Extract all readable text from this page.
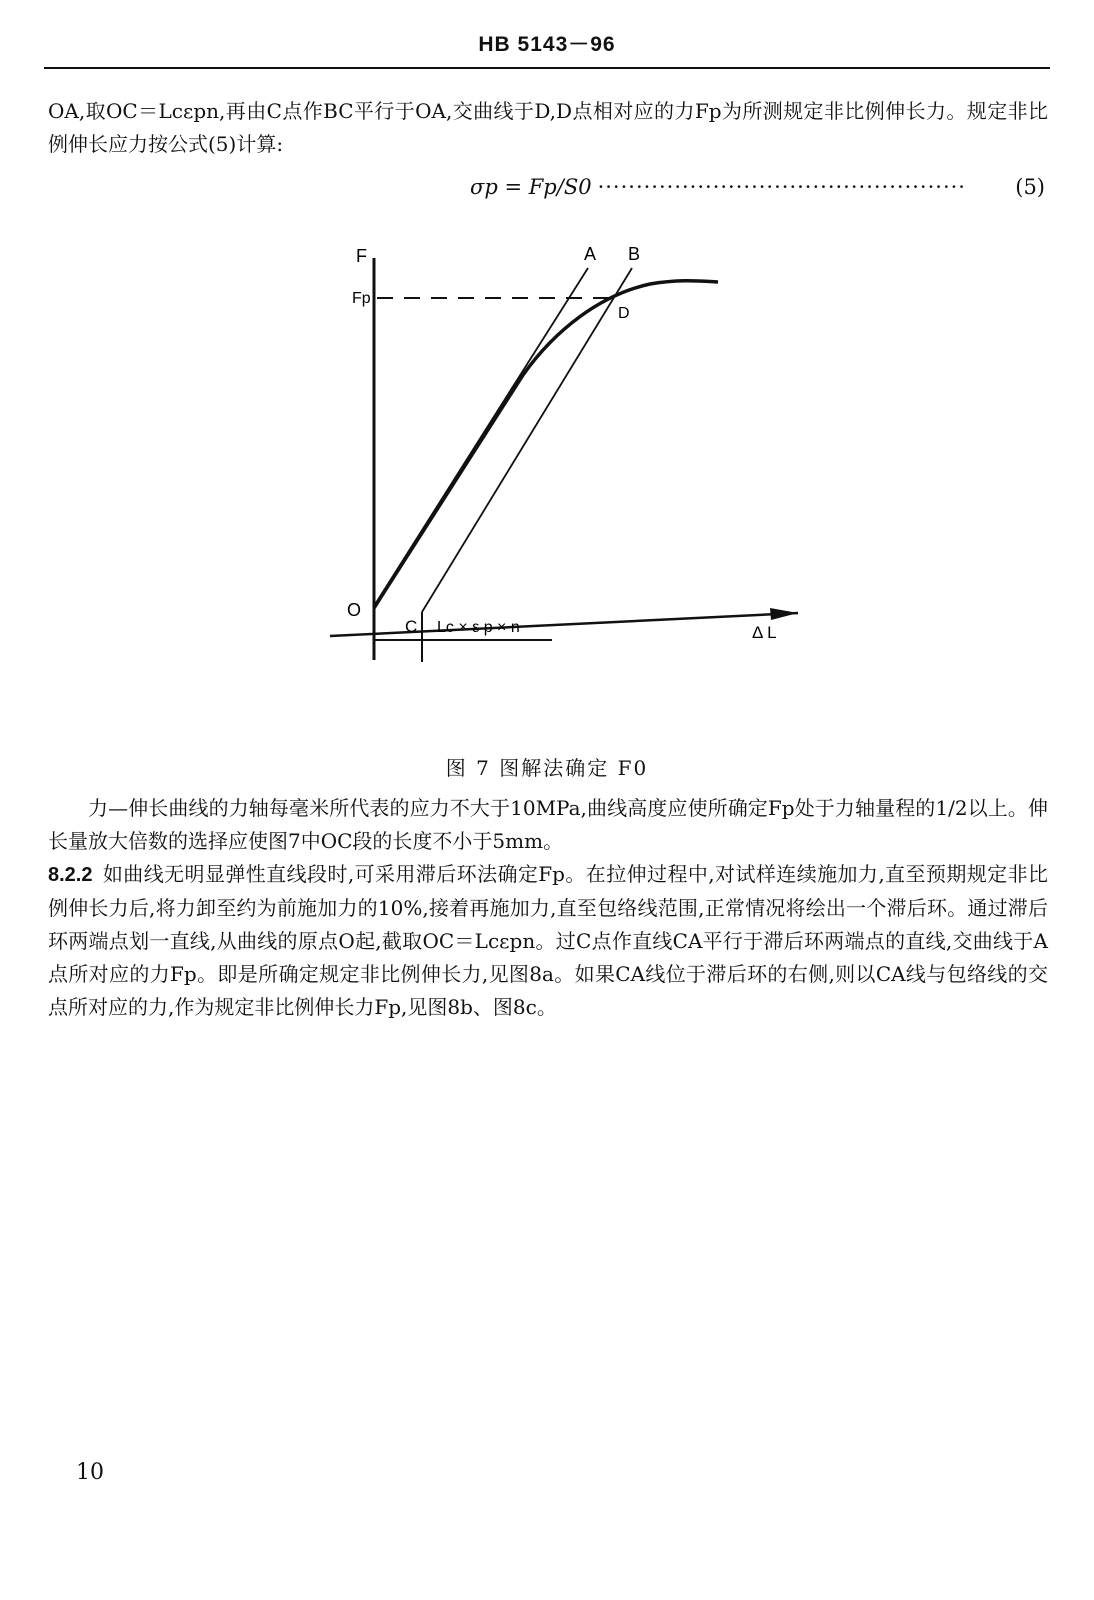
HB 5143－96

OA,取OC＝Lcεpn,再由C点作BC平行于OA,交曲线于D,D点相对应的力Fp为所测规定非比例伸长力。规定非比例伸长应力按公式(5)计算:

σp = Fp/S0 ················································	(5)
F
Fp
A B
D
O
C Lc × ε p × n	Δ L
图 7 图解法确定 F0

力—伸长曲线的力轴每毫米所代表的应力不大于10MPa,曲线高度应使所确定Fp处于力轴量程的1/2以上。伸长量放大倍数的选择应使图7中OC段的长度不小于5mm。

8.2.2 如曲线无明显弹性直线段时,可采用滞后环法确定Fp。在拉伸过程中,对试样连续施加力,直至预期规定非比例伸长力后,将力卸至约为前施加力的10%,接着再施加力,直至包络线范围,正常情况将绘出一个滞后环。通过滞后环两端点划一直线,从曲线的原点O起,截取OC＝Lcεpn。过C点作直线CA平行于滞后环两端点的直线,交曲线于A点所对应的力Fp。即是所确定规定非比例伸长力,见图8a。如果CA线位于滞后环的右侧,则以CA线与包络线的交点所对应的力,作为规定非比例伸长力Fp,见图8b、图8c。

10
